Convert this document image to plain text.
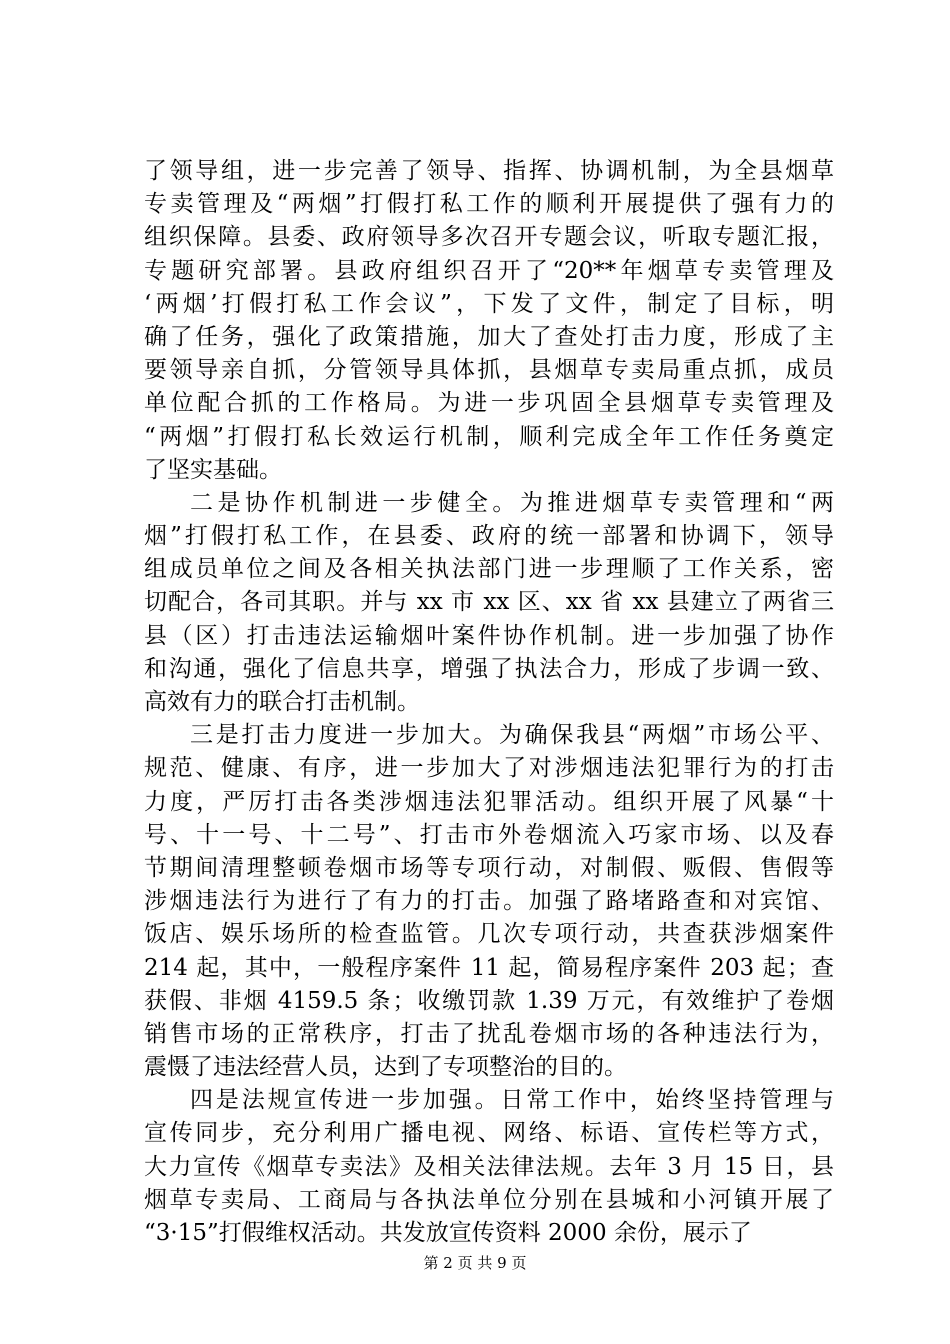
了领导组，进一步完善了领导、指挥、协调机制，为全县烟草
专卖管理及“两烟”打假打私工作的顺利开展提供了强有力的
组织保障。县委、政府领导多次召开专题会议，听取专题汇报，
专题研究部署。县政府组织召开了“20**年烟草专卖管理及
‘两烟’打假打私工作会议”，下发了文件，制定了目标，明
确了任务，强化了政策措施，加大了查处打击力度，形成了主
要领导亲自抓，分管领导具体抓，县烟草专卖局重点抓，成员
单位配合抓的工作格局。为进一步巩固全县烟草专卖管理及
“两烟”打假打私长效运行机制，顺利完成全年工作任务奠定
了坚实基础。
二是协作机制进一步健全。为推进烟草专卖管理和“两
烟”打假打私工作，在县委、政府的统一部署和协调下，领导
组成员单位之间及各相关执法部门进一步理顺了工作关系，密
切配合，各司其职。并与 xx 市 xx 区、xx 省 xx 县建立了两省三
县（区）打击违法运输烟叶案件协作机制。进一步加强了协作
和沟通，强化了信息共享，增强了执法合力，形成了步调一致、
高效有力的联合打击机制。
三是打击力度进一步加大。为确保我县“两烟”市场公平、
规范、健康、有序，进一步加大了对涉烟违法犯罪行为的打击
力度，严厉打击各类涉烟违法犯罪活动。组织开展了风暴“十
号、十一号、十二号”、打击市外卷烟流入巧家市场、以及春
节期间清理整顿卷烟市场等专项行动，对制假、贩假、售假等
涉烟违法行为进行了有力的打击。加强了路堵路查和对宾馆、
饭店、娱乐场所的检查监管。几次专项行动，共查获涉烟案件
214 起，其中，一般程序案件 11 起，简易程序案件 203 起；查
获假、非烟 4159.5 条；收缴罚款 1.39 万元，有效维护了卷烟
销售市场的正常秩序，打击了扰乱卷烟市场的各种违法行为，
震慑了违法经营人员，达到了专项整治的目的。
四是法规宣传进一步加强。日常工作中，始终坚持管理与
宣传同步，充分利用广播电视、网络、标语、宣传栏等方式，
大力宣传《烟草专卖法》及相关法律法规。去年 3 月 15 日，县
烟草专卖局、工商局与各执法单位分别在县城和小河镇开展了
“3·15”打假维权活动。共发放宣传资料 2000 余份，展示了
第 2 页 共 9 页
